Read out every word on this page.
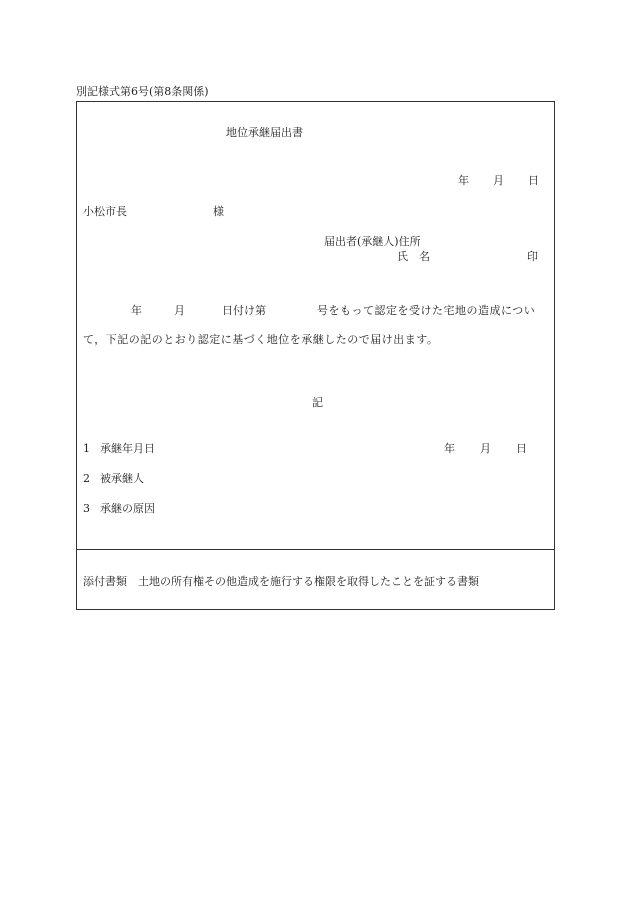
別記様式第6号(第8条関係)
地位承継届出書
年 月 日
小松市長	様
届出者(承継人)住所
氏　名	印
年	月	日付け第	号をもって認定を受けた宅地の造成につい
て，下記の記のとおり認定に基づく地位を承継したので届け出ます。
記
1 承継年月日	年 月 日
2 被承継人
3 承継の原因
添付書類　土地の所有権その他造成を施行する権限を取得したことを証する書類
